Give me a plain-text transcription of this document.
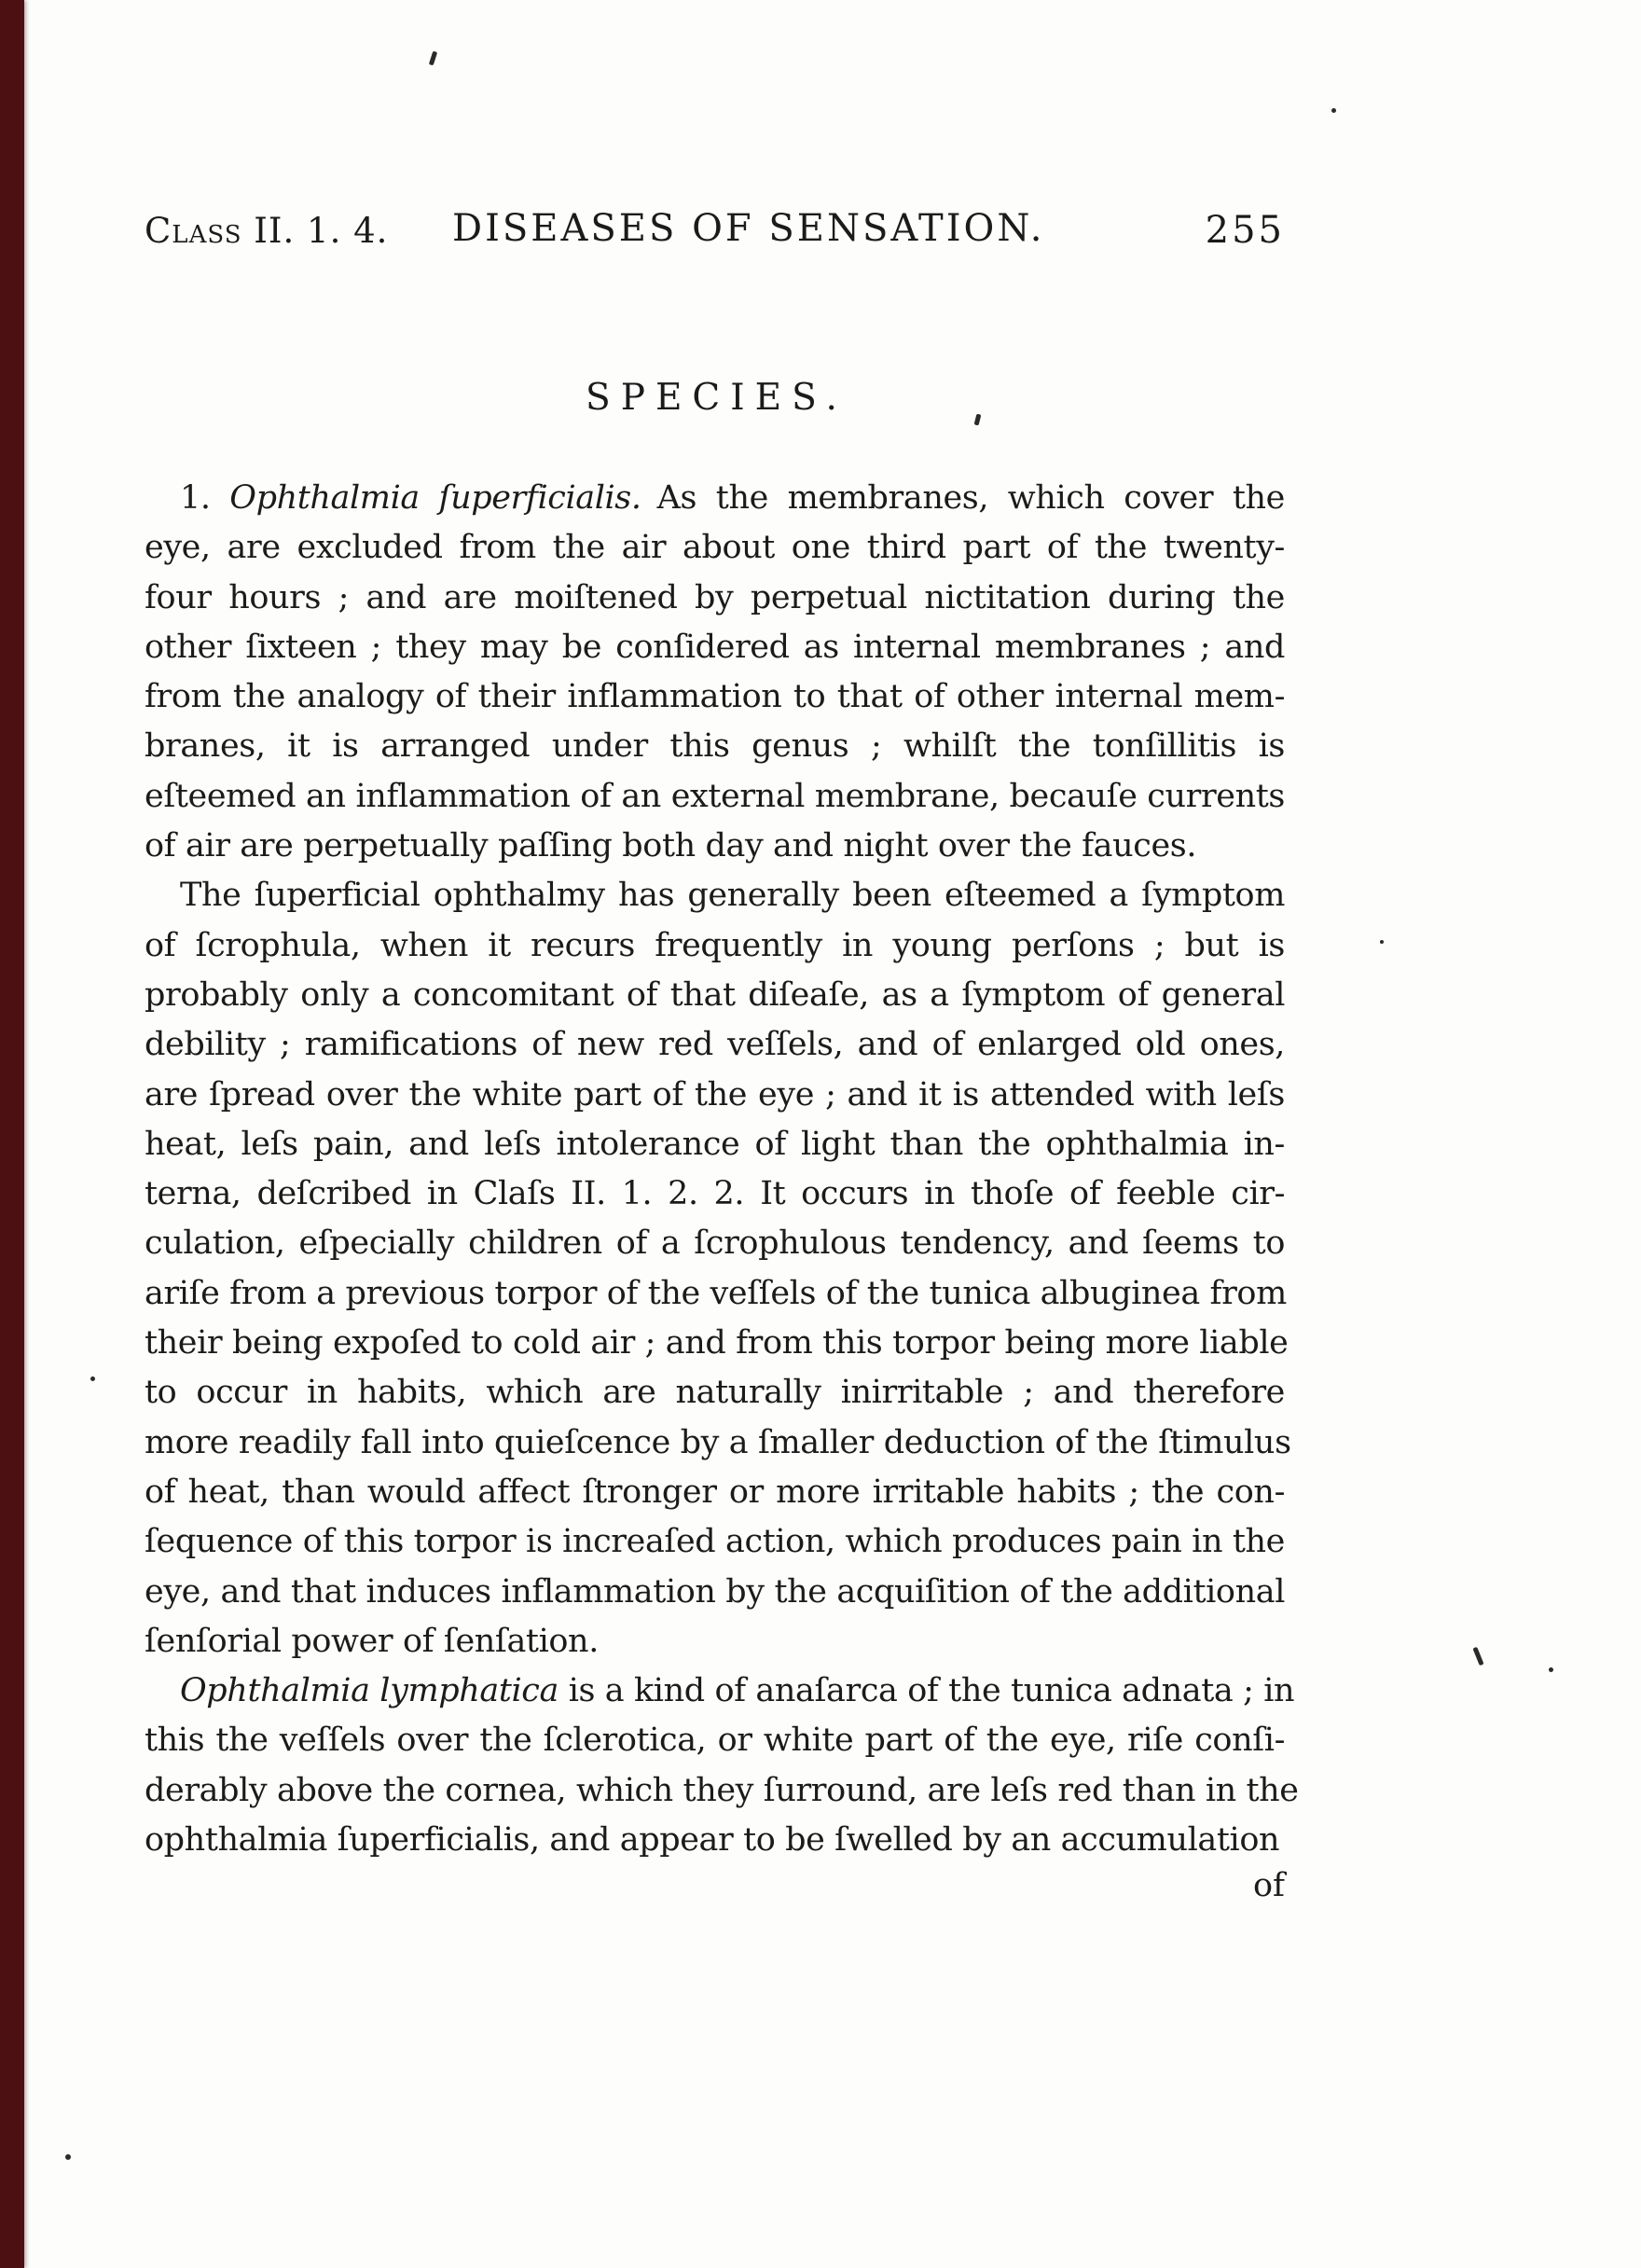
Class II. 1. 4. DISEASES OF SENSATION.	255
SPECIES.
1. Ophthalmia ſuperficialis. As the membranes, which cover the
eye, are excluded from the air about one third part of the twenty-
four hours ; and are moiſtened by perpetual nictitation during the
other ſixteen ; they may be conſidered as internal membranes ; and
from the analogy of their inflammation to that of other internal mem-
branes, it is arranged under this genus ; whilſt the tonſillitis is
eſteemed an inflammation of an external membrane, becauſe currents
of air are perpetually paſſing both day and night over the fauces.
The ſuperficial ophthalmy has generally been eſteemed a ſymptom
of ſcrophula, when it recurs frequently in young perſons ; but is
probably only a concomitant of that diſeaſe, as a ſymptom of general
debility ; ramifications of new red veſſels, and of enlarged old ones,
are ſpread over the white part of the eye ; and it is attended with leſs
heat, leſs pain, and leſs intolerance of light than the ophthalmia in-
terna, deſcribed in Claſs II. 1. 2. 2. It occurs in thoſe of feeble cir-
culation, eſpecially children of a ſcrophulous tendency, and ſeems to
ariſe from a previous torpor of the veſſels of the tunica albuginea from
their being expoſed to cold air ; and from this torpor being more liable
to occur in habits, which are naturally inirritable ; and therefore
more readily fall into quieſcence by a ſmaller deduction of the ſtimulus
of heat, than would affect ſtronger or more irritable habits ; the con-
ſequence of this torpor is increaſed action, which produces pain in the
eye, and that induces inflammation by the acquiſition of the additional
ſenſorial power of ſenſation.
Ophthalmia lymphatica is a kind of anaſarca of the tunica adnata ; in
this the veſſels over the ſclerotica, or white part of the eye, riſe conſi-
derably above the cornea, which they ſurround, are leſs red than in the
ophthalmia ſuperficialis, and appear to be ſwelled by an accumulation
of
